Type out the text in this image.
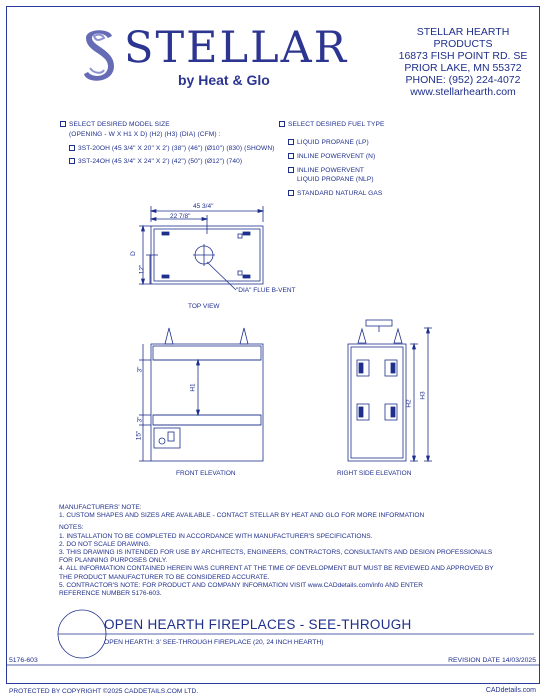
STELLAR
by Heat & Glo
STELLAR HEARTH PRODUCTS
16873 FISH POINT RD. SE
PRIOR LAKE, MN 55372
PHONE: (952) 224-4072
www.stellarhearth.com
SELECT DESIRED MODEL SIZE
(OPENING - W X H1 X D) (H2) (H3) (DIA) (CFM) :
3ST-20OH (45 3/4" X 20" X 2') (38") (46") (Ø10") (830) (SHOWN)
3ST-24OH (45 3/4" X 24" X 2') (42") (50") (Ø12") (740)
SELECT DESIRED FUEL TYPE
LIQUID PROPANE (LP)
INLINE POWERVENT (N)
INLINE POWERVENT
LIQUID PROPANE (NLP)
STANDARD NATURAL GAS
45 3/4"
22 7/8"
D
12"
"DIA" FLUE B-VENT
TOP VIEW
3"
H1
3"
15"
FRONT ELEVATION
H2
H3
RIGHT SIDE ELEVATION
MANUFACTURERS' NOTE:
1. CUSTOM SHAPES AND SIZES ARE AVAILABLE - CONTACT STELLAR BY HEAT AND GLO FOR MORE INFORMATION
NOTES:
1. INSTALLATION TO BE COMPLETED IN ACCORDANCE WITH MANUFACTURER'S SPECIFICATIONS.
2. DO NOT SCALE DRAWING.
3. THIS DRAWING IS INTENDED FOR USE BY ARCHITECTS, ENGINEERS, CONTRACTORS, CONSULTANTS AND DESIGN PROFESSIONALS
FOR PLANNING PURPOSES ONLY.
4. ALL INFORMATION CONTAINED HEREIN WAS CURRENT AT THE TIME OF DEVELOPMENT BUT MUST BE REVIEWED AND APPROVED BY
THE PRODUCT MANUFACTURER TO BE CONSIDERED ACCURATE.
5. CONTRACTOR'S NOTE: FOR PRODUCT AND COMPANY INFORMATION VISIT www.CADdetails.com/info AND ENTER
REFERENCE NUMBER 5176-603.
OPEN HEARTH FIREPLACES - SEE-THROUGH
OPEN HEARTH: 3' SEE-THROUGH FIREPLACE (20, 24 INCH HEARTH)
5176-603	REVISION DATE 14/03/2025
PROTECTED BY COPYRIGHT ©2025 CADDETAILS.COM LTD.	CADdetails.com
